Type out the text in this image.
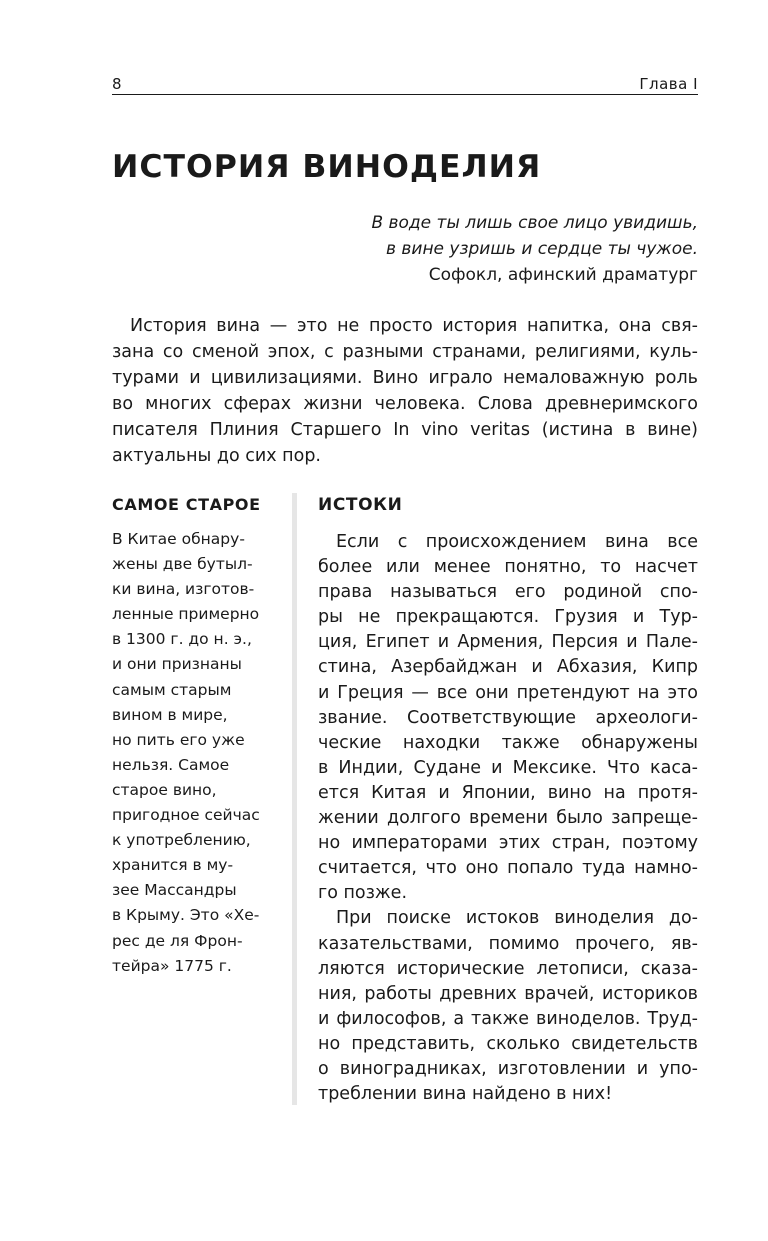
8	Глава I
ИСТОРИЯ ВИНОДЕЛИЯ
В воде ты лишь свое лицо увидишь,
в вине узришь и сердце ты чужое.
Софокл, афинский драматург
История вина — это не просто история напитка, она свя-
зана со сменой эпох, с разными странами, религиями, куль-
турами и цивилизациями. Вино играло немаловажную роль
во многих сферах жизни человека. Слова древнеримского
писателя Плиния Старшего In vino veritas (истина в вине)
актуальны до сих пор.
САМОЕ СТАРОЕ
В Китае обнару-
жены две бутыл-
ки вина, изготов-
ленные примерно
в 1300 г. до н. э.,
и они признаны
самым старым
вином в мире,
но пить его уже
нельзя. Самое
старое вино,
пригодное сейчас
к употреблению,
хранится в му-
зее Массандры
в Крыму. Это «Хе-
рес де ля Фрон-
тейра» 1775 г.
ИСТОКИ
Если с происхождением вина все
более или менее понятно, то насчет
права называться его родиной спо-
ры не прекращаются. Грузия и Тур-
ция, Египет и Армения, Персия и Пале-
стина, Азербайджан и Абхазия, Кипр
и Греция — все они претендуют на это
звание. Соответствующие археологи-
ческие находки также обнаружены
в Индии, Судане и Мексике. Что каса-
ется Китая и Японии, вино на протя-
жении долгого времени было запреще-
но императорами этих стран, поэтому
считается, что оно попало туда намно-
го позже.
При поиске истоков виноделия до-
казательствами, помимо прочего, яв-
ляются исторические летописи, сказа-
ния, работы древних врачей, историков
и философов, а также виноделов. Труд-
но представить, сколько свидетельств
о виноградниках, изготовлении и упо-
треблении вина найдено в них!
